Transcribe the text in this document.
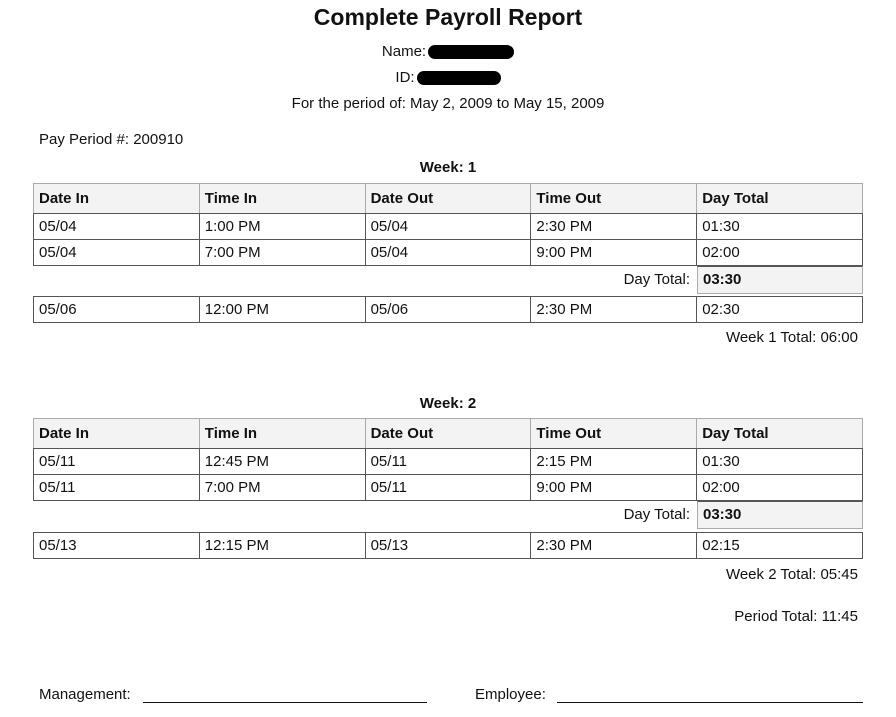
Complete Payroll Report
Name:
ID:
For the period of: May 2, 2009 to May 15, 2009
Pay Period #: 200910
Week: 1
Date In	Time In	Date Out	Time Out	Day Total
05/04	1:00 PM	05/04	2:30 PM	01:30
05/04	7:00 PM	05/04	9:00 PM	02:00
Day Total: 03:30
05/06	12:00 PM	05/06	2:30 PM	02:30
Week 1 Total: 06:00
Week: 2
Date In	Time In	Date Out	Time Out	Day Total
05/11	12:45 PM	05/11	2:15 PM	01:30
05/11	7:00 PM	05/11	9:00 PM	02:00
Day Total: 03:30
05/13	12:15 PM	05/13	2:30 PM	02:15
Week 2 Total: 05:45
Period Total: 11:45
Management:	Employee:
